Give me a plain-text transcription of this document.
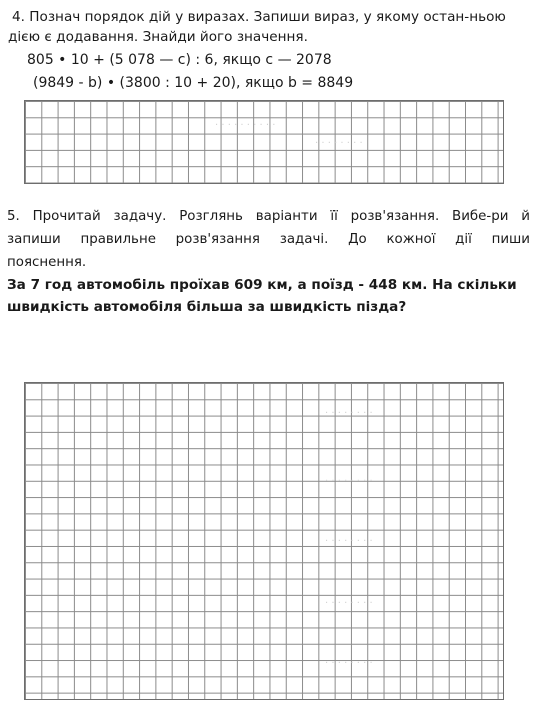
4. Познач порядок дій у виразах. Запиши вираз, у якому остан-ньою
дією є додавання. Знайди його значення.
805 • 10 + (5 078 — c) : 6, якщо c — 2078
(9849 - b) • (3800 : 10 + 20), якщо b = 8849
. . . . . . . . . .
. . . . . . . .
5. Прочитай задачу. Розглянь варіанти її розв'язання. Вибе-ри й
запиши правильне розв'язання задачі. До кожної дії пиши
пояснення.
За 7 год автомобіль проїхав 609 км, а поїзд - 448 км. На скільки
швидкість автомобіля більша за швидкість пізда?
. . . . . . . .
. . . . . . . .
. . . . . . . .
. . . . . . . .
. . . . . . . .
